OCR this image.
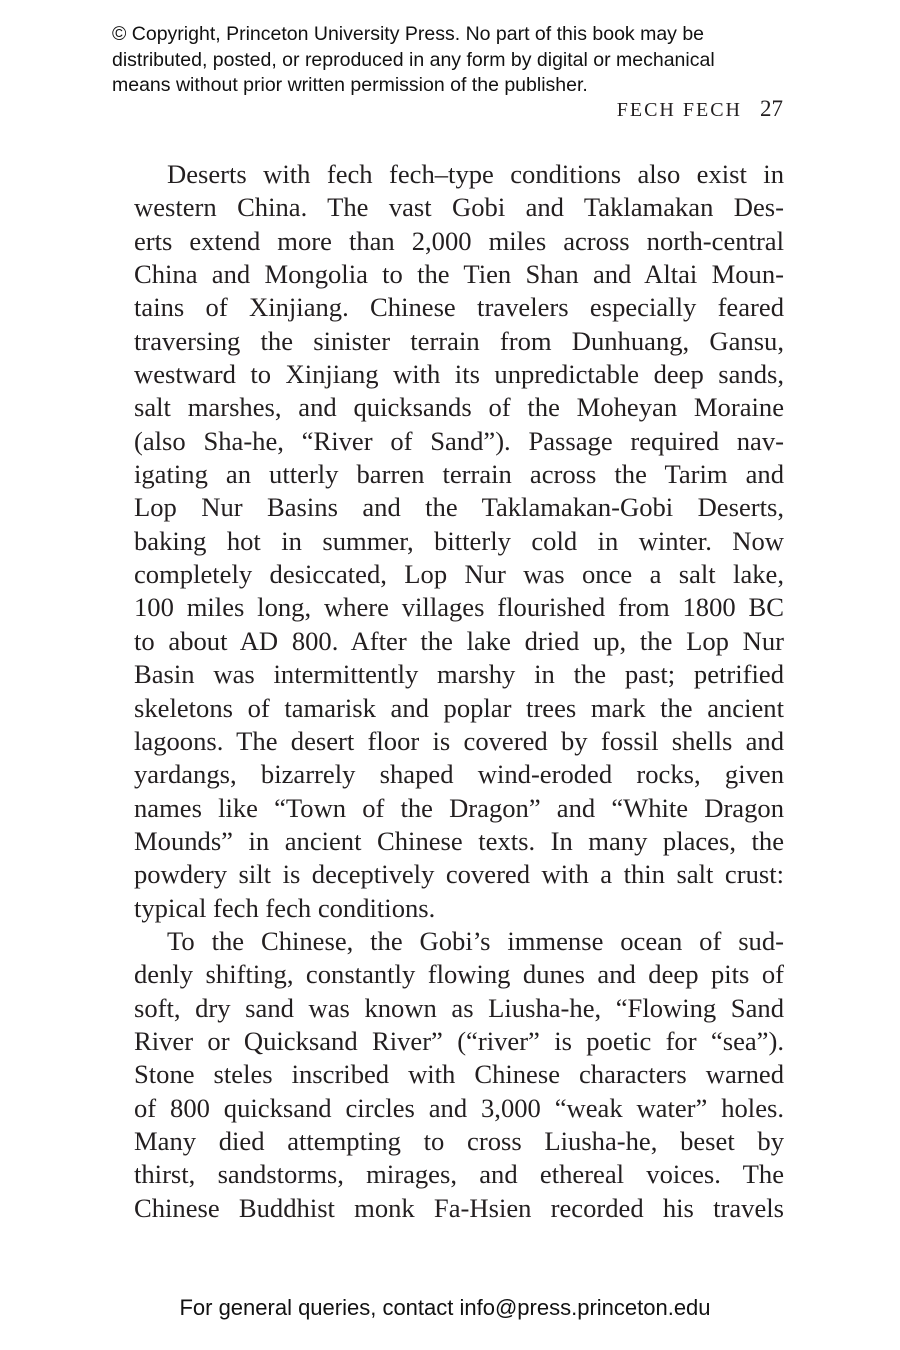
© Copyright, Princeton University Press. No part of this book may be
distributed, posted, or reproduced in any form by digital or mechanical
means without prior written permission of the publisher.
FECH FECH 27
Deserts with fech fech–type conditions also exist in
western China. The vast Gobi and Taklamakan Des-
erts extend more than 2,000 miles across north-central
China and Mongolia to the Tien Shan and Altai Moun-
tains of Xinjiang. Chinese travelers especially feared
traversing the sinister terrain from Dunhuang, Gansu,
westward to Xinjiang with its unpredictable deep sands,
salt marshes, and quicksands of the Moheyan Moraine
(also Sha-he, “River of Sand”). Passage required nav-
igating an utterly barren terrain across the Tarim and
Lop Nur Basins and the Taklamakan-Gobi Deserts,
baking hot in summer, bitterly cold in winter. Now
completely desiccated, Lop Nur was once a salt lake,
100 miles long, where villages flourished from 1800 BC
to about AD 800. After the lake dried up, the Lop Nur
Basin was intermittently marshy in the past; petrified
skeletons of tamarisk and poplar trees mark the ancient
lagoons. The desert floor is covered by fossil shells and
yardangs, bizarrely shaped wind-eroded rocks, given
names like “Town of the Dragon” and “White Dragon
Mounds” in ancient Chinese texts. In many places, the
powdery silt is deceptively covered with a thin salt crust:
typical fech fech conditions.
To the Chinese, the Gobi’s immense ocean of sud-
denly shifting, constantly flowing dunes and deep pits of
soft, dry sand was known as Liusha-he, “Flowing Sand
River or Quicksand River” (“river” is poetic for “sea”).
Stone steles inscribed with Chinese characters warned
of 800 quicksand circles and 3,000 “weak water” holes.
Many died attempting to cross Liusha-he, beset by
thirst, sandstorms, mirages, and ethereal voices. The
Chinese Buddhist monk Fa-Hsien recorded his travels
For general queries, contact info@press.princeton.edu
